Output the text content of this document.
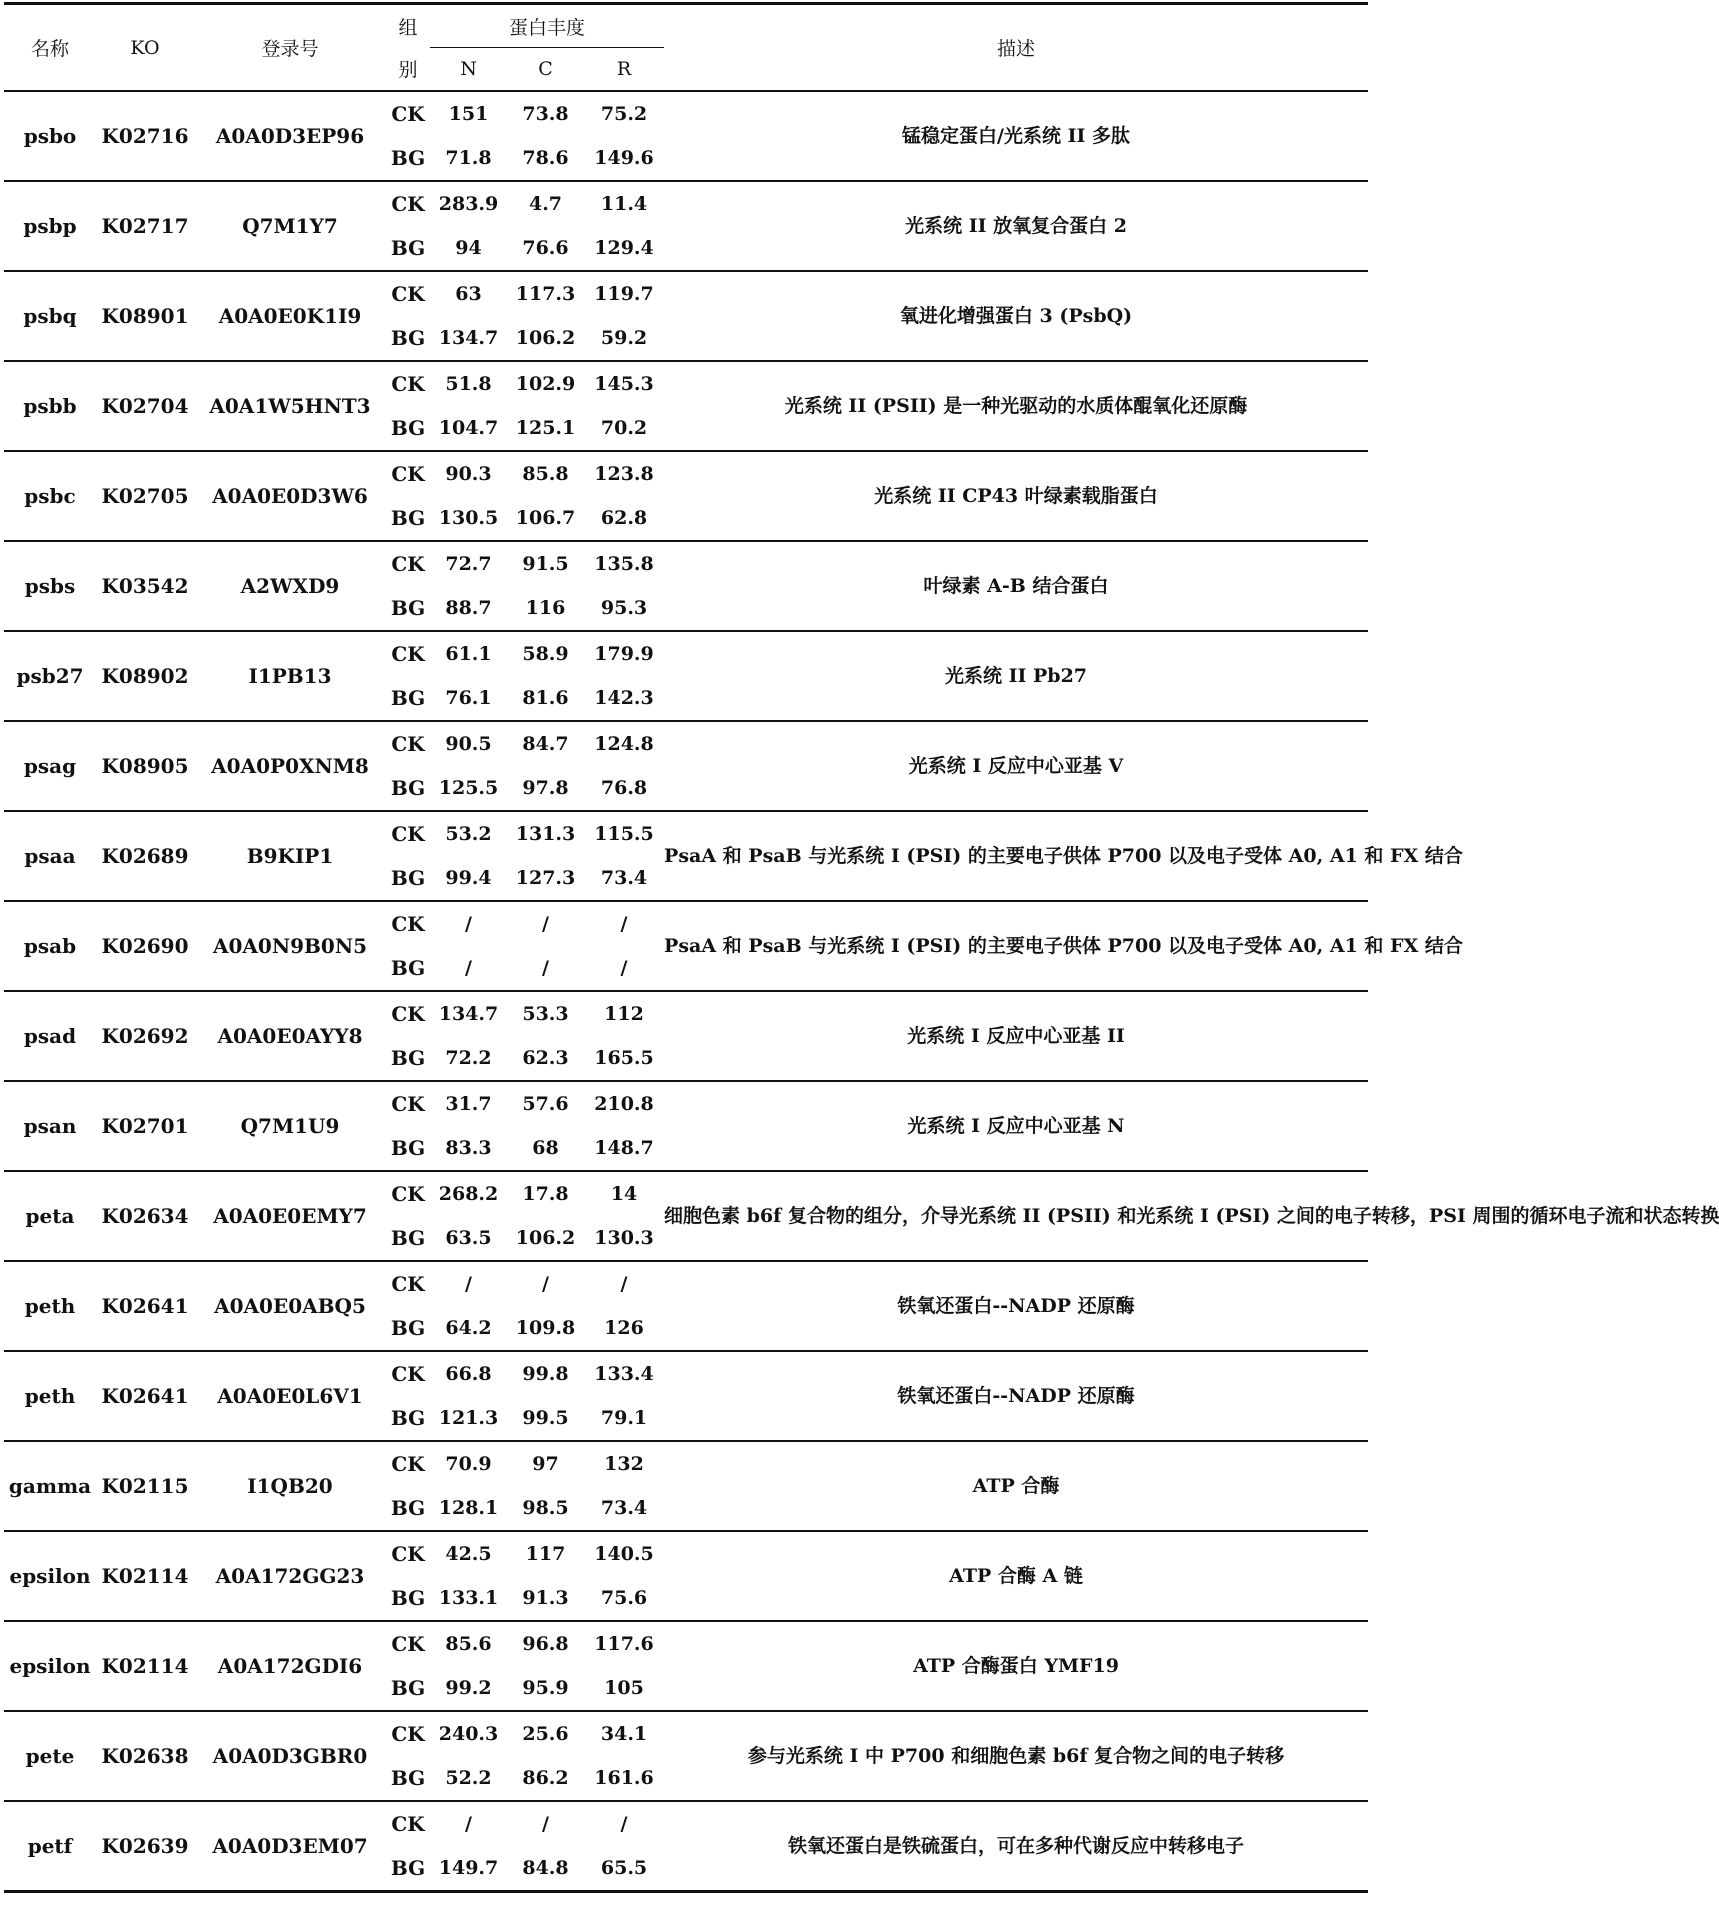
名称	KO	登录号	组	蛋白丰度			描述
			别	N	C	R	
psbo	K02716	A0A0D3EP96	CK	151	73.8	75.2	锰稳定蛋白/光系统 II 多肽
			BG	71.8	78.6	149.6	
psbp	K02717	Q7M1Y7	CK	283.9	4.7	11.4	光系统 II 放氧复合蛋白 2
			BG	94	76.6	129.4	
psbq	K08901	A0A0E0K1I9	CK	63	117.3	119.7	氧进化增强蛋白 3 (PsbQ)
			BG	134.7	106.2	59.2	
psbb	K02704	A0A1W5HNT3	CK	51.8	102.9	145.3	光系统 II (PSII) 是一种光驱动的水质体醌氧化还原酶
			BG	104.7	125.1	70.2	
psbc	K02705	A0A0E0D3W6	CK	90.3	85.8	123.8	光系统 II CP43 叶绿素载脂蛋白
			BG	130.5	106.7	62.8	
psbs	K03542	A2WXD9	CK	72.7	91.5	135.8	叶绿素 A-B 结合蛋白
			BG	88.7	116	95.3	
psb27	K08902	I1PB13	CK	61.1	58.9	179.9	光系统 II Pb27
			BG	76.1	81.6	142.3	
psag	K08905	A0A0P0XNM8	CK	90.5	84.7	124.8	光系统 I 反应中心亚基 V
			BG	125.5	97.8	76.8	
psaa	K02689	B9KIP1	CK	53.2	131.3	115.5	PsaA 和 PsaB 与光系统 I (PSI) 的主要电子供体 P700 以及电子受体 A0, A1 和 FX 结合
			BG	99.4	127.3	73.4	
psab	K02690	A0A0N9B0N5	CK	/	/	/	PsaA 和 PsaB 与光系统 I (PSI) 的主要电子供体 P700 以及电子受体 A0, A1 和 FX 结合
			BG	/	/	/	
psad	K02692	A0A0E0AYY8	CK	134.7	53.3	112	光系统 I 反应中心亚基 II
			BG	72.2	62.3	165.5	
psan	K02701	Q7M1U9	CK	31.7	57.6	210.8	光系统 I 反应中心亚基 N
			BG	83.3	68	148.7	
peta	K02634	A0A0E0EMY7	CK	268.2	17.8	14	细胞色素 b6f 复合物的组分，介导光系统 II (PSII) 和光系统 I (PSI) 之间的电子转移，PSI 周围的循环电子流和状态转换
			BG	63.5	106.2	130.3	
peth	K02641	A0A0E0ABQ5	CK	/	/	/	铁氧还蛋白--NADP 还原酶
			BG	64.2	109.8	126	
peth	K02641	A0A0E0L6V1	CK	66.8	99.8	133.4	铁氧还蛋白--NADP 还原酶
			BG	121.3	99.5	79.1	
gamma	K02115	I1QB20	CK	70.9	97	132	ATP 合酶
			BG	128.1	98.5	73.4	
epsilon	K02114	A0A172GG23	CK	42.5	117	140.5	ATP 合酶 A 链
			BG	133.1	91.3	75.6	
epsilon	K02114	A0A172GDI6	CK	85.6	96.8	117.6	ATP 合酶蛋白 YMF19
			BG	99.2	95.9	105	
pete	K02638	A0A0D3GBR0	CK	240.3	25.6	34.1	参与光系统 I 中 P700 和细胞色素 b6f 复合物之间的电子转移
			BG	52.2	86.2	161.6	
petf	K02639	A0A0D3EM07	CK	/	/	/	铁氧还蛋白是铁硫蛋白，可在多种代谢反应中转移电子
			BG	149.7	84.8	65.5	
